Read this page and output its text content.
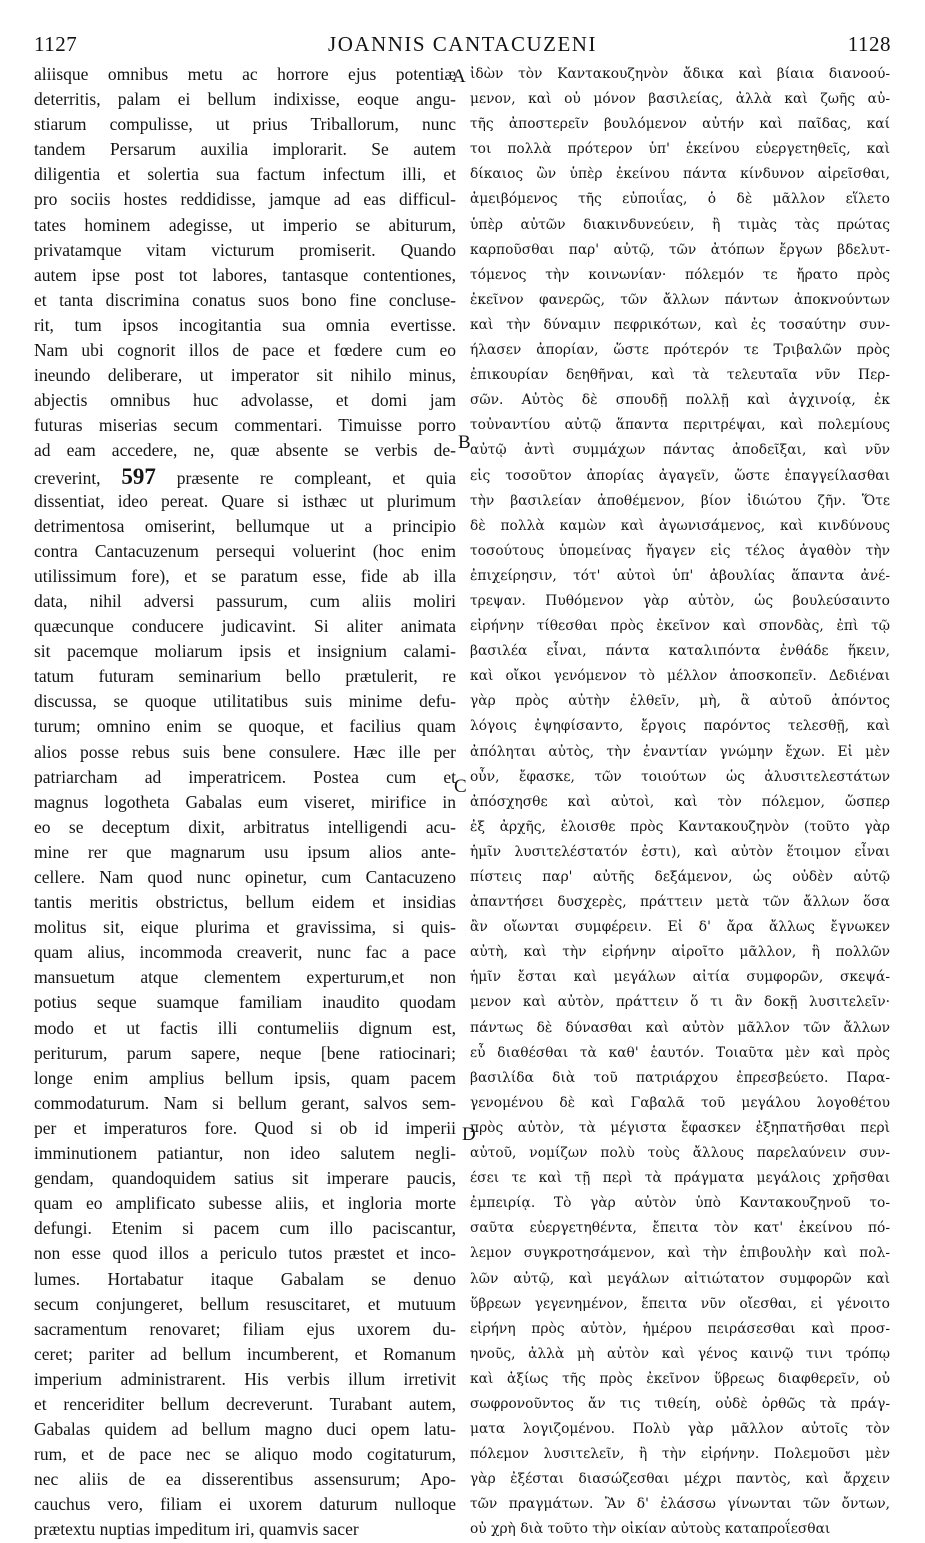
1127	JOANNIS CANTACUZENI	1128
aliisque omnibus metu ac horrore ejus potentiæ
deterritis, palam ei bellum indixisse, eoque angu-
stiarum compulisse, ut prius Triballorum, nunc
tandem Persarum auxilia implorarit. Se autem
diligentia et solertia sua factum infectum illi, et
pro sociis hostes reddidisse, jamque ad eas difficul-
tates hominem adegisse, ut imperio se abiturum,
privatamque vitam victurum promiserit. Quando
autem ipse post tot labores, tantasque contentiones,
et tanta discrimina conatus suos bono fine concluse-
rit, tum ipsos incogitantia sua omnia evertisse.
Nam ubi cognorit illos de pace et fœdere cum eo
ineundo deliberare, ut imperator sit nihilo minus,
abjectis omnibus huc advolasse, et domi jam
futuras miserias secum commentari. Timuisse porro
ad eam accedere, ne, quæ absente se verbis de-
creverint, 597 præsente re compleant, et quia
dissentiat, ideo pereat. Quare si isthæc ut plurimum
detrimentosa omiserint, bellumque ut a principio
contra Cantacuzenum persequi voluerint (hoc enim
utilissimum fore), et se paratum esse, fide ab illa
data, nihil adversi passurum, cum aliis moliri
quæcunque conducere judicavint. Si aliter animata
sit pacemque moliarum ipsis et insignium calami-
tatum futuram seminarium bello prætulerit, re
discussa, se quoque utilitatibus suis minime defu-
turum; omnino enim se quoque, et facilius quam
alios posse rebus suis bene consulere. Hæc ille per
patriarcham ad imperatricem. Postea cum et
magnus logotheta Gabalas eum viseret, mirifice in
eo se deceptum dixit, arbitratus intelligendi acu-
mine rer que magnarum usu ipsum alios ante-
cellere. Nam quod nunc opinetur, cum Cantacuzeno
tantis meritis obstrictus, bellum eidem et insidias
molitus sit, eique plurima et gravissima, si quis-
quam alius, incommoda creaverit, nunc fac a pace
mansuetum atque clementem experturum,et non
potius seque suamque familiam inaudito quodam
modo et ut factis illi contumeliis dignum est,
periturum, parum sapere, neque [bene ratiocinari;
longe enim amplius bellum ipsis, quam pacem
commodaturum. Nam si bellum gerant, salvos sem-
per et imperaturos fore. Quod si ob id imperii
imminutionem patiantur, non ideo salutem negli-
gendam, quandoquidem satius sit imperare paucis,
quam eo amplificato subesse aliis, et ingloria morte
defungi. Etenim si pacem cum illo paciscantur,
non esse quod illos a periculo tutos præstet et inco-
lumes. Hortabatur itaque Gabalam se denuo
secum conjungeret, bellum resuscitaret, et mutuum
sacramentum renovaret; filiam ejus uxorem du-
ceret; pariter ad bellum incumberent, et Romanum
imperium administrarent. His verbis illum irretivit
et renceriditer bellum decreverunt. Turabant autem,
Gabalas quidem ad bellum magno duci opem latu-
rum, et de pace nec se aliquo modo cogitaturum,
nec aliis de ea disserentibus assensurum; Apo-
cauchus vero, filiam ei uxorem daturum nulloque
prætextu nuptias impeditum iri, quamvis sacer
ἰδὼν τὸν Καντακουζηνὸν ἄδικα καὶ βίαια διανοού-
μενον, καὶ οὐ μόνον βασιλείας, ἀλλὰ καὶ ζωῆς αὐ-
τῆς ἀποστερεῖν βουλόμενον αὐτήν καὶ παῖδας, καί
τοι πολλὰ πρότερον ὑπ' ἐκείνου εὐεργετηθεῖς, καὶ
δίκαιος ὢν ὑπὲρ ἐκείνου πάντα κίνδυνον αἱρεῖσθαι,
ἀμειβόμενος τῆς εὐποιΐας, ὁ δὲ μᾶλλον εἵλετο
ὑπὲρ αὐτῶν διακινδυνεύειν, ἢ τιμὰς τὰς πρώτας
καρποῦσθαι παρ' αὐτῷ, τῶν ἀτόπων ἔργων βδελυτ-
τόμενος τὴν κοινωνίαν· πόλεμόν τε ἤρατο πρὸς
ἐκεῖνον φανερῶς, τῶν ἄλλων πάντων ἀποκνούντων
καὶ τὴν δύναμιν πεφρικότων, καὶ ἐς τοσαύτην συν-
ήλασεν ἀπορίαν, ὥστε πρότερόν τε Τριβαλῶν πρὸς
ἐπικουρίαν δεηθῆναι, καὶ τὰ τελευταῖα νῦν Περ-
σῶν. Αὐτὸς δὲ σπουδῇ πολλῇ καὶ ἀγχινοίᾳ, ἐκ
τοὐναντίου αὐτῷ ἅπαντα περιτρέψαι, καὶ πολεμίους
αὐτῷ ἀντὶ συμμάχων πάντας ἀποδεῖξαι, καὶ νῦν
εἰς τοσοῦτον ἀπορίας ἀγαγεῖν, ὥστε ἐπαγγείλασθαι
τὴν βασιλείαν ἀποθέμενον, βίον ἰδιώτου ζῆν. Ὅτε
δὲ πολλὰ καμὼν καὶ ἀγωνισάμενος, καὶ κινδύνους
τοσούτους ὑπομείνας ἤγαγεν εἰς τέλος ἀγαθὸν τὴν
ἐπιχείρησιν, τότ' αὐτοὶ ὑπ' ἀβουλίας ἅπαντα ἀνέ-
τρεψαν. Πυθόμενον γὰρ αὐτὸν, ὡς βουλεύσαιντο
εἰρήνην τίθεσθαι πρὸς ἐκεῖνον καὶ σπονδὰς, ἐπὶ τῷ
βασιλέα εἶναι, πάντα καταλιπόντα ἐνθάδε ἥκειν,
καὶ οἴκοι γενόμενον τὸ μέλλον ἀποσκοπεῖν. Δεδιέναι
γὰρ πρὸς αὐτὴν ἐλθεῖν, μὴ, ἃ αὐτοῦ ἀπόντος
λόγοις ἐψηφίσαντο, ἔργοις παρόντος τελεσθῇ, καὶ
ἀπόληται αὐτὸς, τὴν ἐναντίαν γνώμην ἔχων. Εἰ μὲν
οὖν, ἔφασκε, τῶν τοιούτων ὡς ἀλυσιτελεστάτων
ἀπόσχησθε καὶ αὐτοὶ, καὶ τὸν πόλεμον, ὥσπερ
ἐξ ἀρχῆς, ἐλοισθε πρὸς Καντακουζηνὸν (τοῦτο γὰρ
ἡμῖν λυσιτελέστατόν ἐστι), καὶ αὐτὸν ἕτοιμον εἶναι
πίστεις παρ' αὐτῆς δεξάμενον, ὡς οὐδὲν αὐτῷ
ἀπαντήσει δυσχερὲς, πράττειν μετὰ τῶν ἄλλων ὅσα
ἂν οἴωνται συμφέρειν. Εἰ δ' ἄρα ἄλλως ἔγνωκεν
αὐτὴ, καὶ τὴν εἰρήνην αἱροῖτο μᾶλλον, ἣ πολλῶν
ἡμῖν ἔσται καὶ μεγάλων αἰτία συμφορῶν, σκεψά-
μενον καὶ αὐτὸν, πράττειν ὅ τι ἂν δοκῇ λυσιτελεῖν·
πάντως δὲ δύνασθαι καὶ αὐτὸν μᾶλλον τῶν ἄλλων
εὖ διαθέσθαι τὰ καθ' ἑαυτόν. Τοιαῦτα μὲν καὶ πρὸς
βασιλίδα διὰ τοῦ πατριάρχου ἐπρεσβεύετο. Παρα-
γενομένου δὲ καὶ Γαβαλᾶ τοῦ μεγάλου λογοθέτου
πρὸς αὐτὸν, τὰ μέγιστα ἔφασκεν ἐξηπατῆσθαι περὶ
αὐτοῦ, νομίζων πολὺ τοὺς ἄλλους παρελαύνειν συν-
έσει τε καὶ τῇ περὶ τὰ πράγματα μεγάλοις χρῆσθαι
ἐμπειρίᾳ. Τὸ γὰρ αὐτὸν ὑπὸ Καντακουζηνοῦ το-
σαῦτα εὐεργετηθέντα, ἔπειτα τὸν κατ' ἐκείνου πό-
λεμον συγκροτησάμενον, καὶ τὴν ἐπιβουλὴν καὶ πολ-
λῶν αὐτῷ, καὶ μεγάλων αἰτιώτατον συμφορῶν καὶ
ὕβρεων γεγενημένον, ἔπειτα νῦν οἴεσθαι, εἰ γένοιτο
εἰρήνη πρὸς αὐτὸν, ἡμέρου πειράσεσθαι καὶ προσ-
ηνοῦς, ἀλλὰ μὴ αὐτὸν καὶ γένος καινῷ τινι τρόπῳ
καὶ ἀξίως τῆς πρὸς ἐκεῖνον ὕβρεως διαφθερεῖν, οὐ
σωφρονοῦντος ἄν τις τιθείη, οὐδὲ ὀρθῶς τὰ πράγ-
ματα λογιζομένου. Πολὺ γὰρ μᾶλλον αὐτοῖς τὸν
πόλεμον λυσιτελεῖν, ἢ τὴν εἰρήνην. Πολεμοῦσι μὲν
γὰρ ἐξέσται διασώζεσθαι μέχρι παντὸς, καὶ ἄρχειν
τῶν πραγμάτων. Ἂν δ' ἐλάσσω γίνωνται τῶν ὄντων,
οὐ χρὴ διὰ τοῦτο τὴν οἰκίαν αὐτοὺς καταπροΐεσθαι
A
B
C
D
